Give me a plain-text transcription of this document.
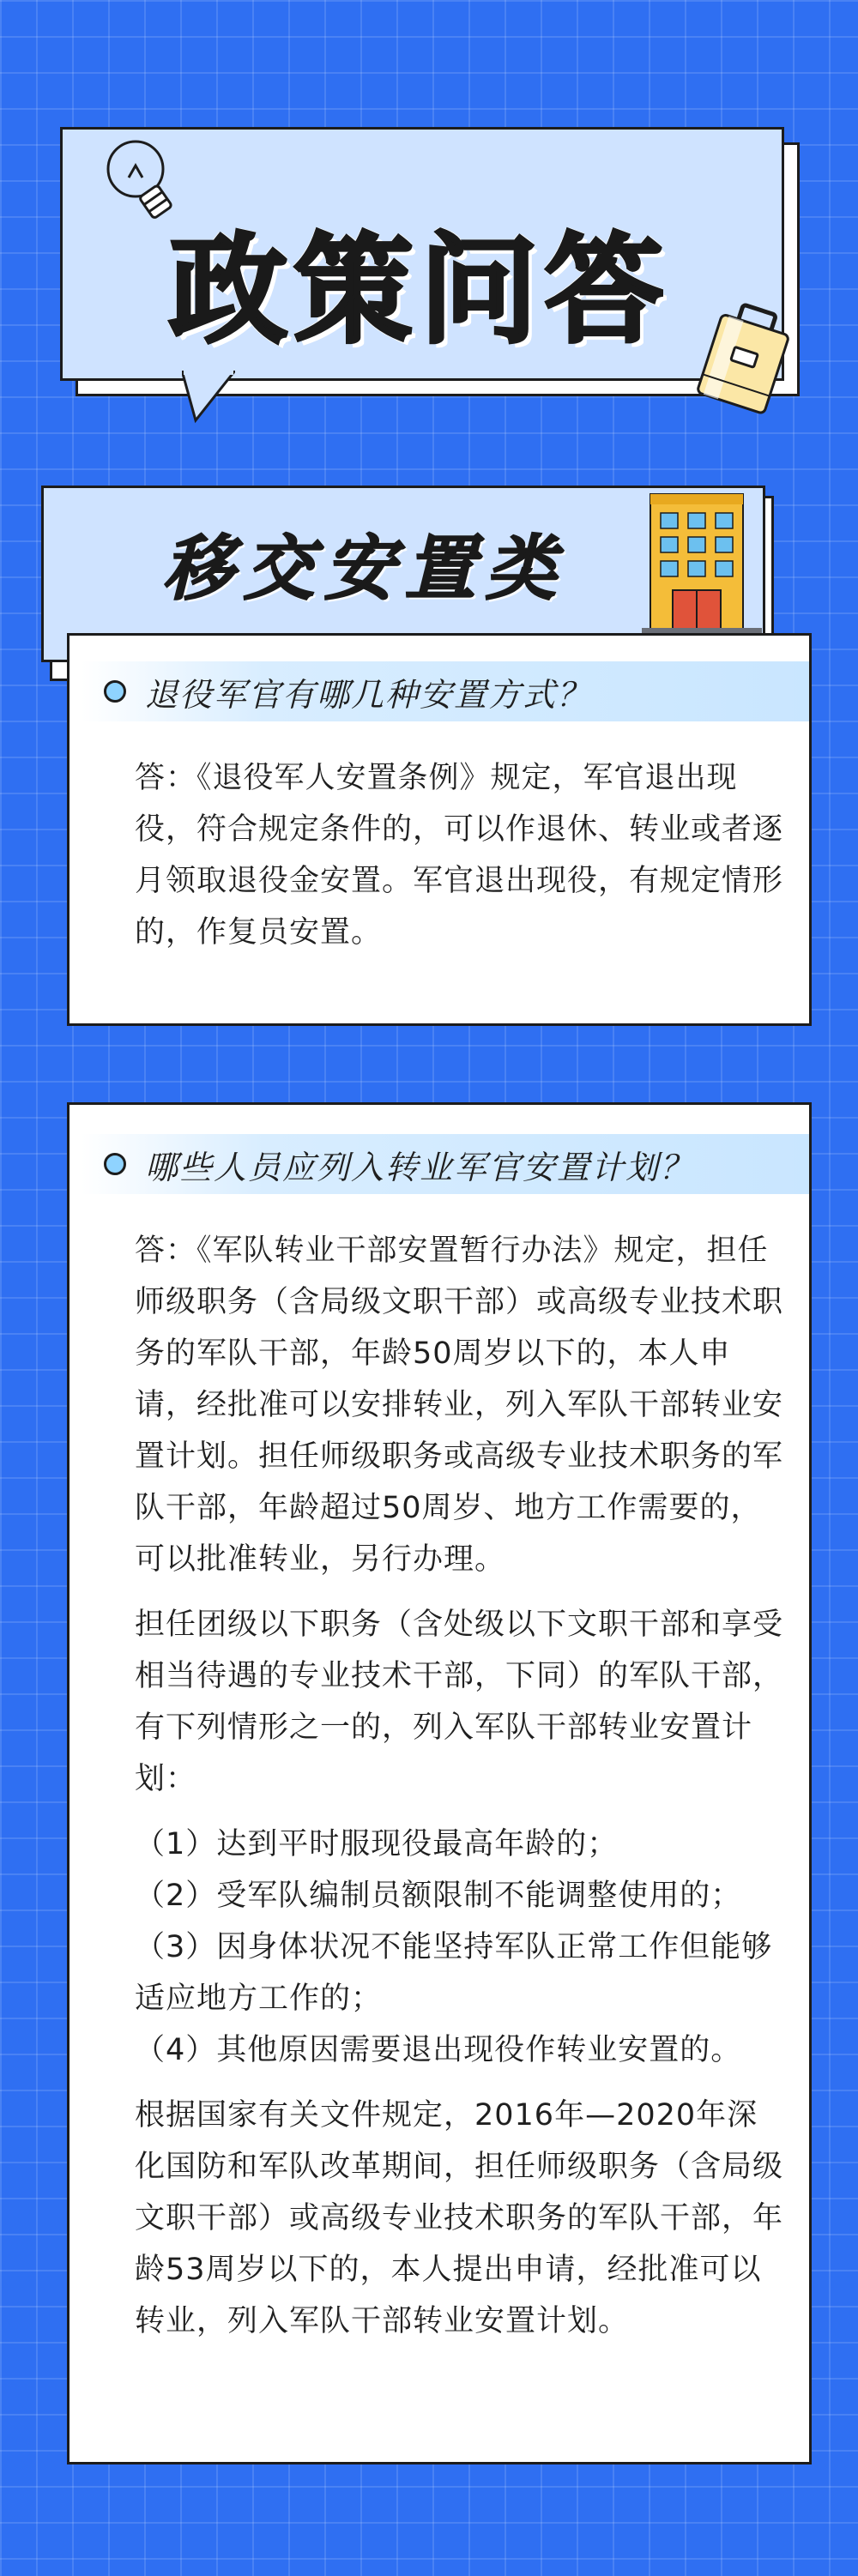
政策问答
移交安置类
退役军官有哪几种安置方式？

答：《退役军人安置条例》规定，军官退出现役，符合规定条件的，可以作退休、转业或者逐月领取退役金安置。军官退出现役，有规定情形的，作复员安置。

哪些人员应列入转业军官安置计划？

答：《军队转业干部安置暂行办法》规定，担任师级职务（含局级文职干部）或高级专业技术职务的军队干部，年龄50周岁以下的，本人申请，经批准可以安排转业，列入军队干部转业安置计划。担任师级职务或高级专业技术职务的军队干部，年龄超过50周岁、地方工作需要的，可以批准转业，另行办理。

担任团级以下职务（含处级以下文职干部和享受相当待遇的专业技术干部，下同）的军队干部，有下列情形之一的，列入军队干部转业安置计划：

（1）达到平时服现役最高年龄的；

（2）受军队编制员额限制不能调整使用的；

（3）因身体状况不能坚持军队正常工作但能够适应地方工作的；

（4）其他原因需要退出现役作转业安置的。

根据国家有关文件规定，2016年—2020年深化国防和军队改革期间，担任师级职务（含局级文职干部）或高级专业技术职务的军队干部，年龄53周岁以下的，本人提出申请，经批准可以转业，列入军队干部转业安置计划。
